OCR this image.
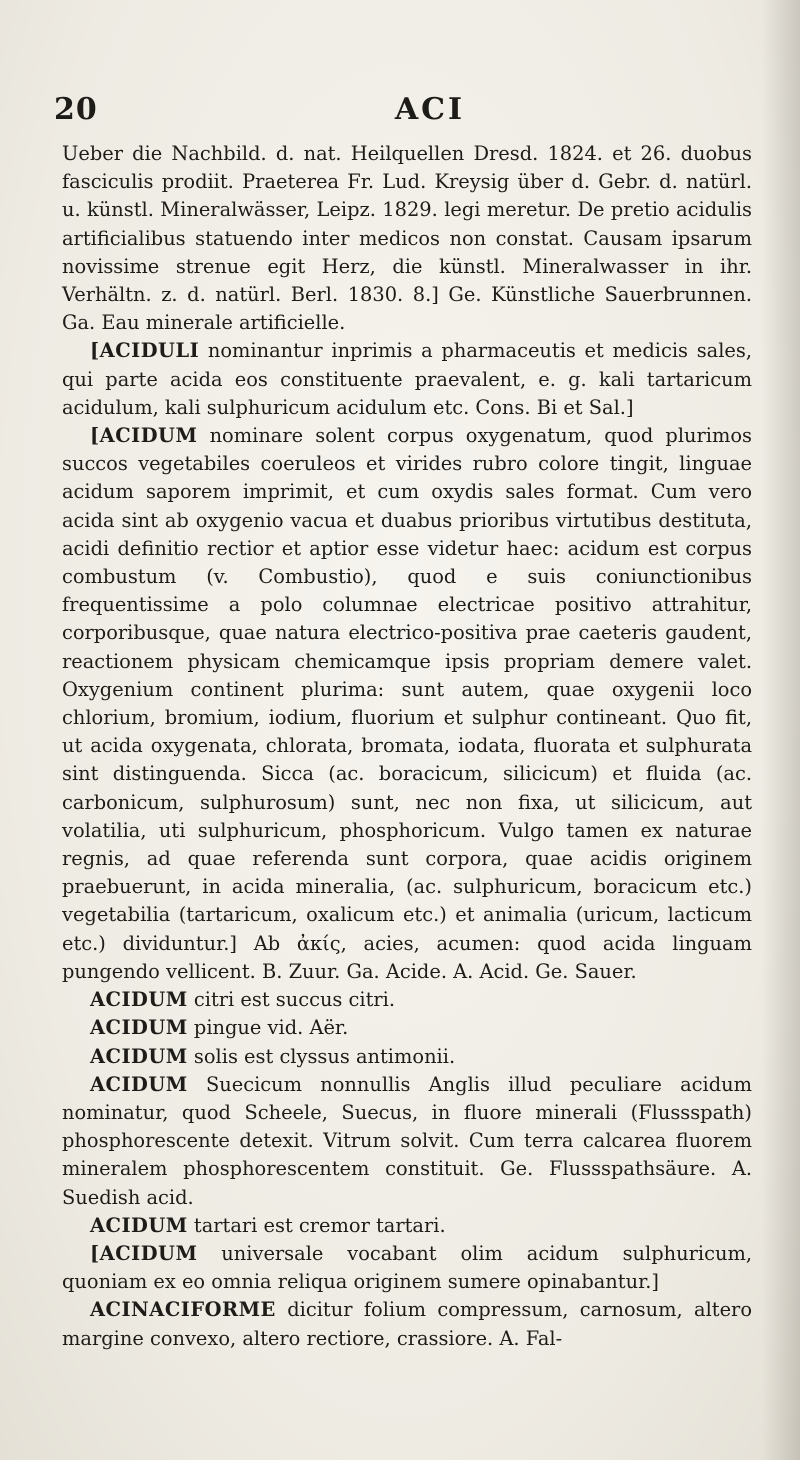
20	ACI

Ueber die Nachbild. d. nat. Heilquellen Dresd. 1824. et 26. duobus fasciculis prodiit. Praeterea Fr. Lud. Kreysig über d. Gebr. d. natürl. u. künstl. Mineralwässer, Leipz. 1829. legi meretur. De pretio acidulis artificialibus statuendo inter medicos non constat. Causam ipsarum novissime strenue egit Herz, die künstl. Mineralwasser in ihr. Verhältn. z. d. natürl. Berl. 1830. 8.] Ge. Künstliche Sauerbrunnen. Ga. Eau minerale artificielle.

[ACIDULI nominantur inprimis a pharmaceutis et medicis sales, qui parte acida eos constituente praevalent, e. g. kali tartaricum acidulum, kali sulphuricum acidulum etc. Cons. Bi et Sal.]

[ACIDUM nominare solent corpus oxygenatum, quod plurimos succos vegetabiles coeruleos et virides rubro colore tingit, linguae acidum saporem imprimit, et cum oxydis sales format. Cum vero acida sint ab oxygenio vacua et duabus prioribus virtutibus destituta, acidi definitio rectior et aptior esse videtur haec: acidum est corpus combustum (v. Combustio), quod e suis coniunctionibus frequentissime a polo columnae electricae positivo attrahitur, corporibusque, quae natura electrico-positiva prae caeteris gaudent, reactionem physicam chemicamque ipsis propriam demere valet. Oxygenium continent plurima: sunt autem, quae oxygenii loco chlorium, bromium, iodium, fluorium et sulphur contineant. Quo fit, ut acida oxygenata, chlorata, bromata, iodata, fluorata et sulphurata sint distinguenda. Sicca (ac. boracicum, silicicum) et fluida (ac. carbonicum, sulphurosum) sunt, nec non fixa, ut silicicum, aut volatilia, uti sulphuricum, phosphoricum. Vulgo tamen ex naturae regnis, ad quae referenda sunt corpora, quae acidis originem praebuerunt, in acida mineralia, (ac. sulphuricum, boracicum etc.) vegetabilia (tartaricum, oxalicum etc.) et animalia (uricum, lacticum etc.) dividuntur.] Ab ἀκίς, acies, acumen: quod acida linguam pungendo vellicent. B. Zuur. Ga. Acide. A. Acid. Ge. Sauer.

ACIDUM citri est succus citri.

ACIDUM pingue vid. Aër.

ACIDUM solis est clyssus antimonii.

ACIDUM Suecicum nonnullis Anglis illud peculiare acidum nominatur, quod Scheele, Suecus, in fluore minerali (Flussspath) phosphorescente detexit. Vitrum solvit. Cum terra calcarea fluorem mineralem phosphorescentem constituit. Ge. Flussspathsäure. A. Suedish acid.

ACIDUM tartari est cremor tartari.

[ACIDUM universale vocabant olim acidum sulphuricum, quoniam ex eo omnia reliqua originem sumere opinabantur.]

ACINACIFORME dicitur folium compressum, carnosum, altero margine convexo, altero rectiore, crassiore. A. Fal-
